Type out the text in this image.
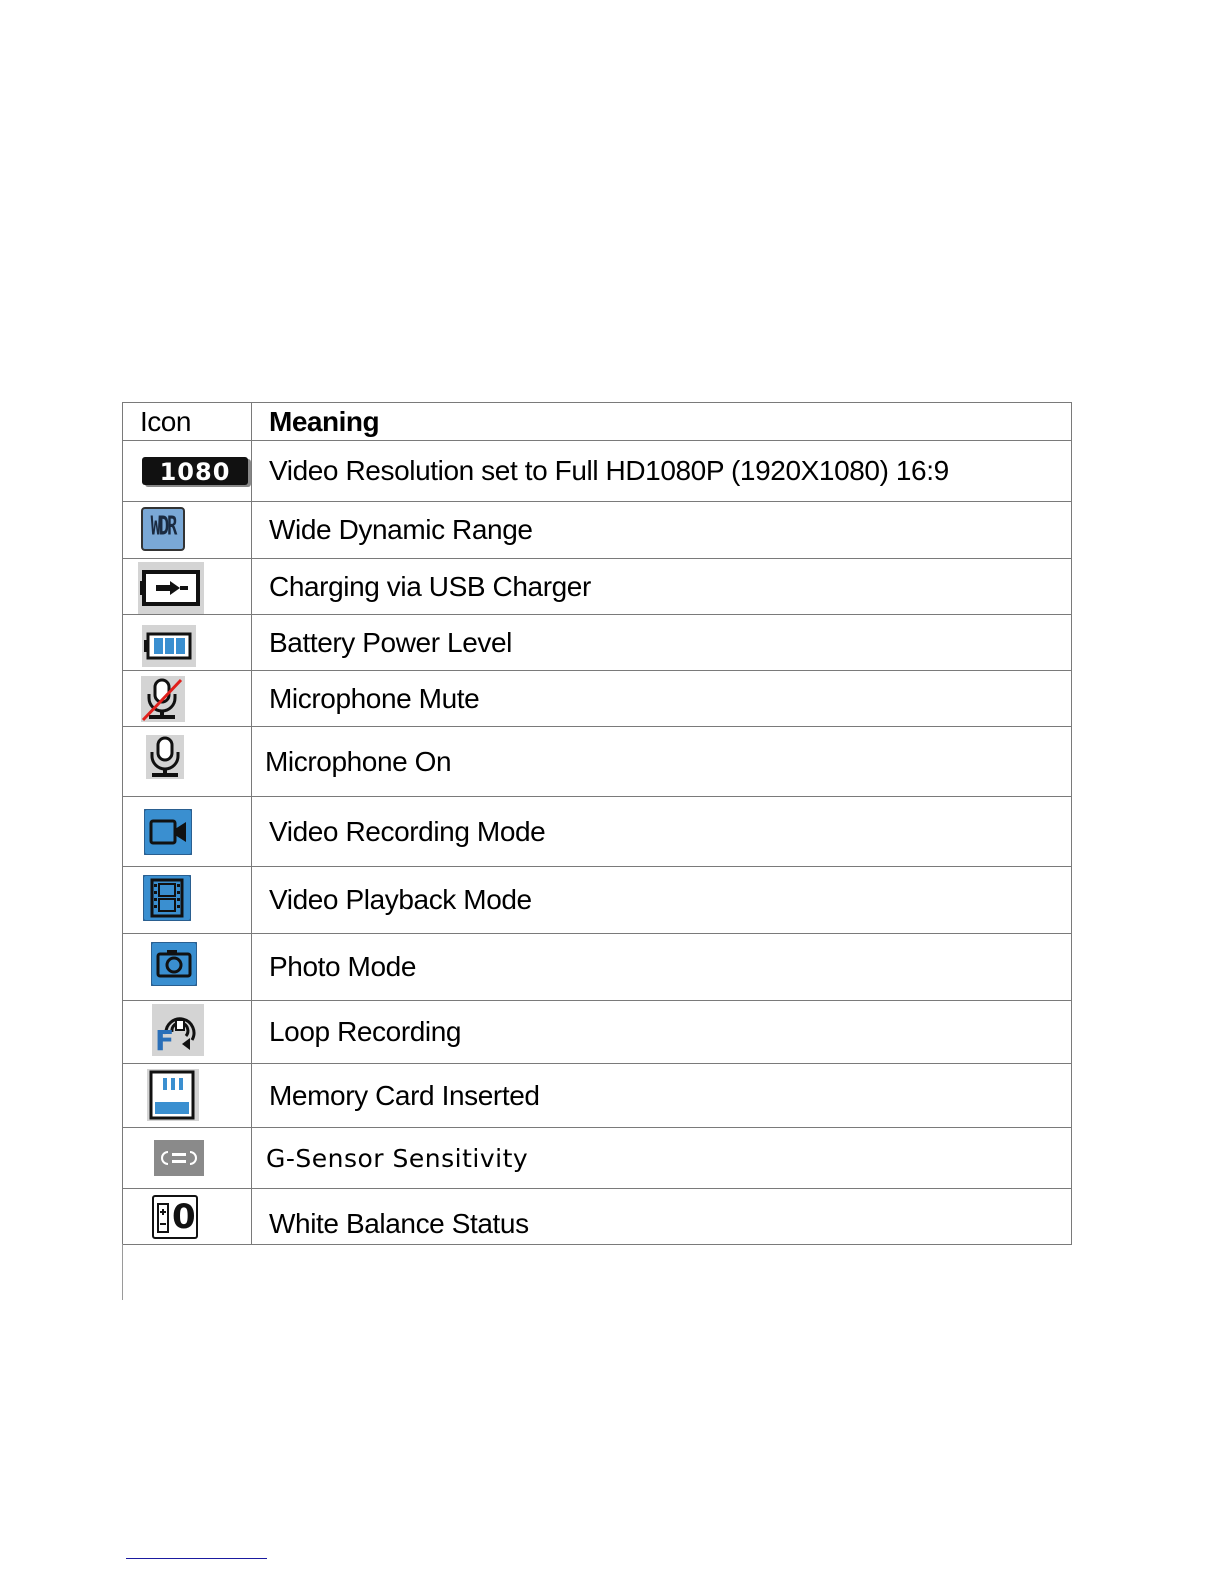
Icon	Meaning

1080	Video Resolution set to Full HD1080P (1920X1080) 16:9

WDR	Wide Dynamic Range

	Charging via USB Charger

	Battery Power Level

	Microphone Mute

	Microphone On

	Video Recording Mode

	Video Playback Mode

	Photo Mode

F	Loop Recording

	Memory Card Inserted

	G-Sensor Sensitivity

0	White Balance Status
